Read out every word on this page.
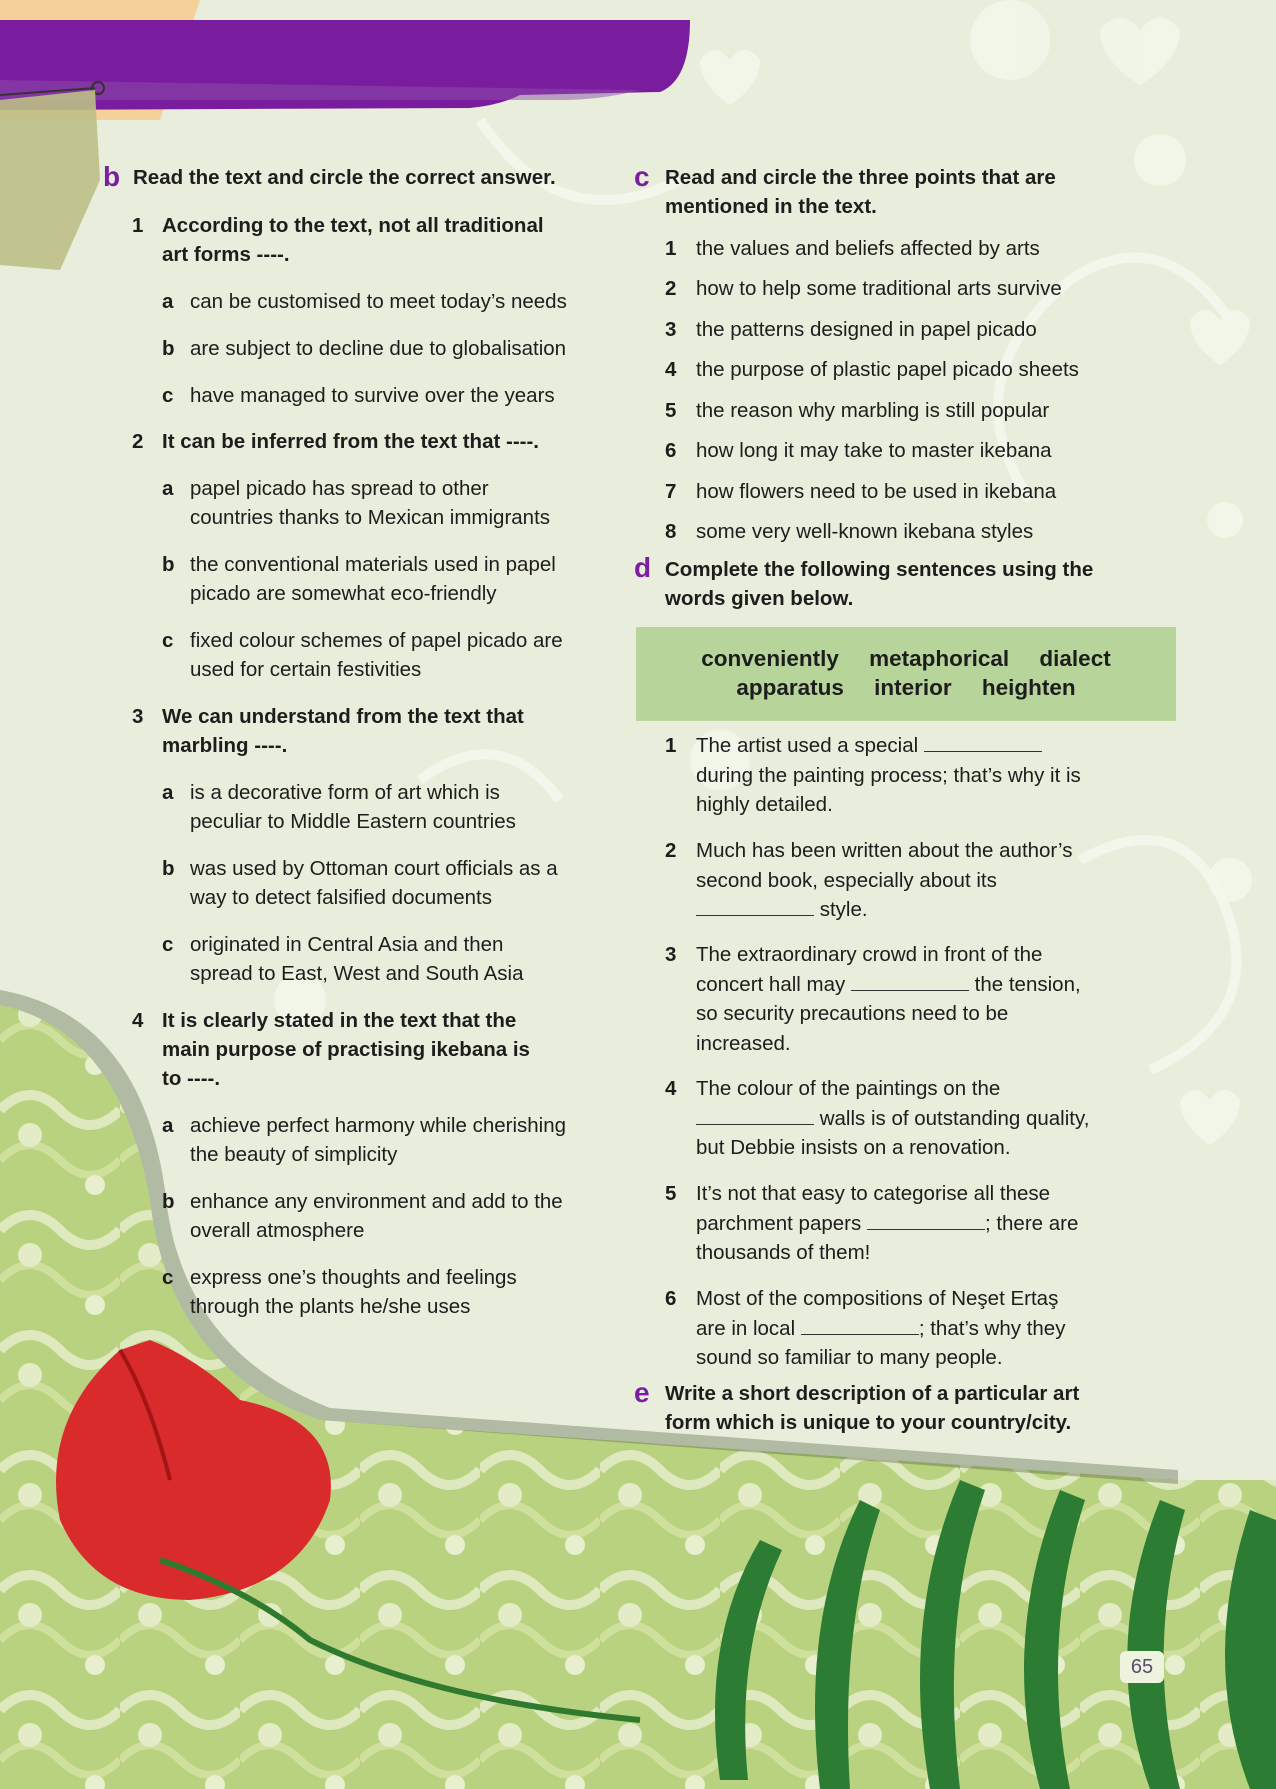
b Read the text and circle the correct answer.
1 According to the text, not all traditional
art forms ----.
a can be customised to meet today’s needs
b are subject to decline due to globalisation
c have managed to survive over the years
2 It can be inferred from the text that ----.
a papel picado has spread to other
countries thanks to Mexican immigrants
b the conventional materials used in papel
picado are somewhat eco-friendly
c fixed colour schemes of papel picado are
used for certain festivities
3 We can understand from the text that
marbling ----.
a is a decorative form of art which is
peculiar to Middle Eastern countries
b was used by Ottoman court officials as a
way to detect falsified documents
c originated in Central Asia and then
spread to East, West and South Asia
4 It is clearly stated in the text that the
main purpose of practising ikebana is
to ----.
a achieve perfect harmony while cherishing
the beauty of simplicity
b enhance any environment and add to the
overall atmosphere
c express one’s thoughts and feelings
through the plants he/she uses
c Read and circle the three points that are
mentioned in the text.
1 the values and beliefs affected by arts
2 how to help some traditional arts survive
3 the patterns designed in papel picado
4 the purpose of plastic papel picado sheets
5 the reason why marbling is still popular
6 how long it may take to master ikebana
7 how flowers need to be used in ikebana
8 some very well-known ikebana styles
d Complete the following sentences using the
words given below.
conveniently metaphorical dialect
apparatus interior heighten
1 The artist used a special
during the painting process; that’s why it is
highly detailed.
2 Much has been written about the author’s
second book, especially about its
style.
3 The extraordinary crowd in front of the
concert hall may	the tension,
so security precautions need to be
increased.
4 The colour of the paintings on the
walls is of outstanding quality,
but Debbie insists on a renovation.
5 It’s not that easy to categorise all these
parchment papers	; there are
thousands of them!
6 Most of the compositions of Neşet Ertaş
are in local	; that’s why they
sound so familiar to many people.
e Write a short description of a particular art
form which is unique to your country/city.
65
